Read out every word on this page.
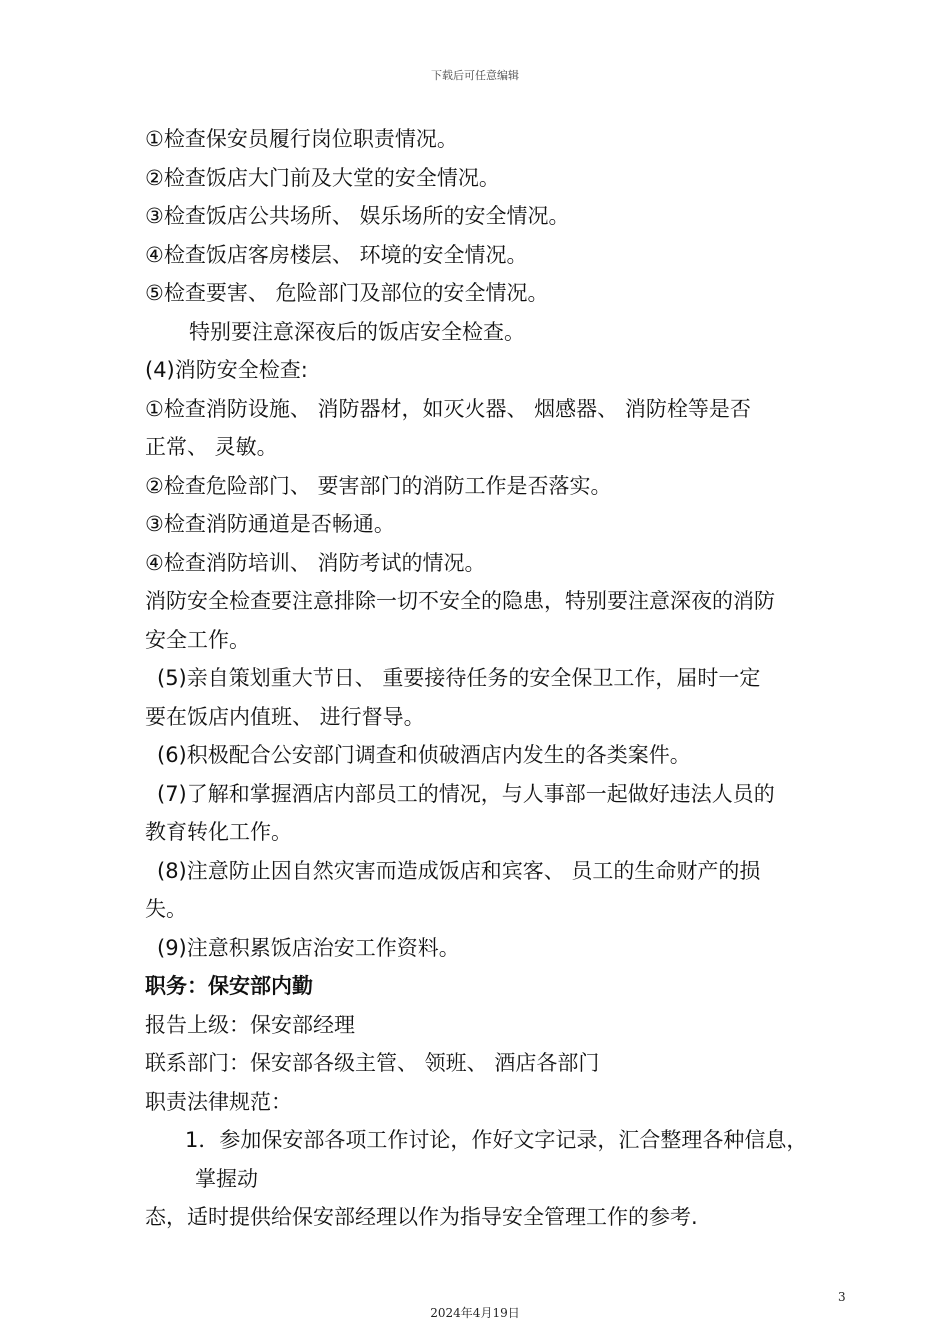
下载后可任意编辑
①检查保安员履行岗位职责情况。
②检查饭店大门前及大堂的安全情况。
③检查饭店公共场所、 娱乐场所的安全情况。
④检查饭店客房楼层、 环境的安全情况。
⑤检查要害、 危险部门及部位的安全情况。
特别要注意深夜后的饭店安全检查。
(4)消防安全检查:
①检查消防设施、 消防器材，如灭火器、 烟感器、 消防栓等是否
正常、 灵敏。
②检查危险部门、 要害部门的消防工作是否落实。
③检查消防通道是否畅通。
④检查消防培训、 消防考试的情况。
消防安全检查要注意排除一切不安全的隐患，特别要注意深夜的消防
安全工作。
(5)亲自策划重大节日、 重要接待任务的安全保卫工作，届时一定
要在饭店内值班、 进行督导。
(6)积极配合公安部门调查和侦破酒店内发生的各类案件。
(7)了解和掌握酒店内部员工的情况，与人事部一起做好违法人员的
教育转化工作。
(8)注意防止因自然灾害而造成饭店和宾客、 员工的生命财产的损
失。
(9)注意积累饭店治安工作资料。
职务：保安部内勤
报告上级：保安部经理
联系部门：保安部各级主管、 领班、 酒店各部门
职责法律规范：
1．参加保安部各项工作讨论，作好文字记录，汇合整理各种信息，
掌握动
态，适时提供给保安部经理以作为指导安全管理工作的参考.
3
2024年4月19日
